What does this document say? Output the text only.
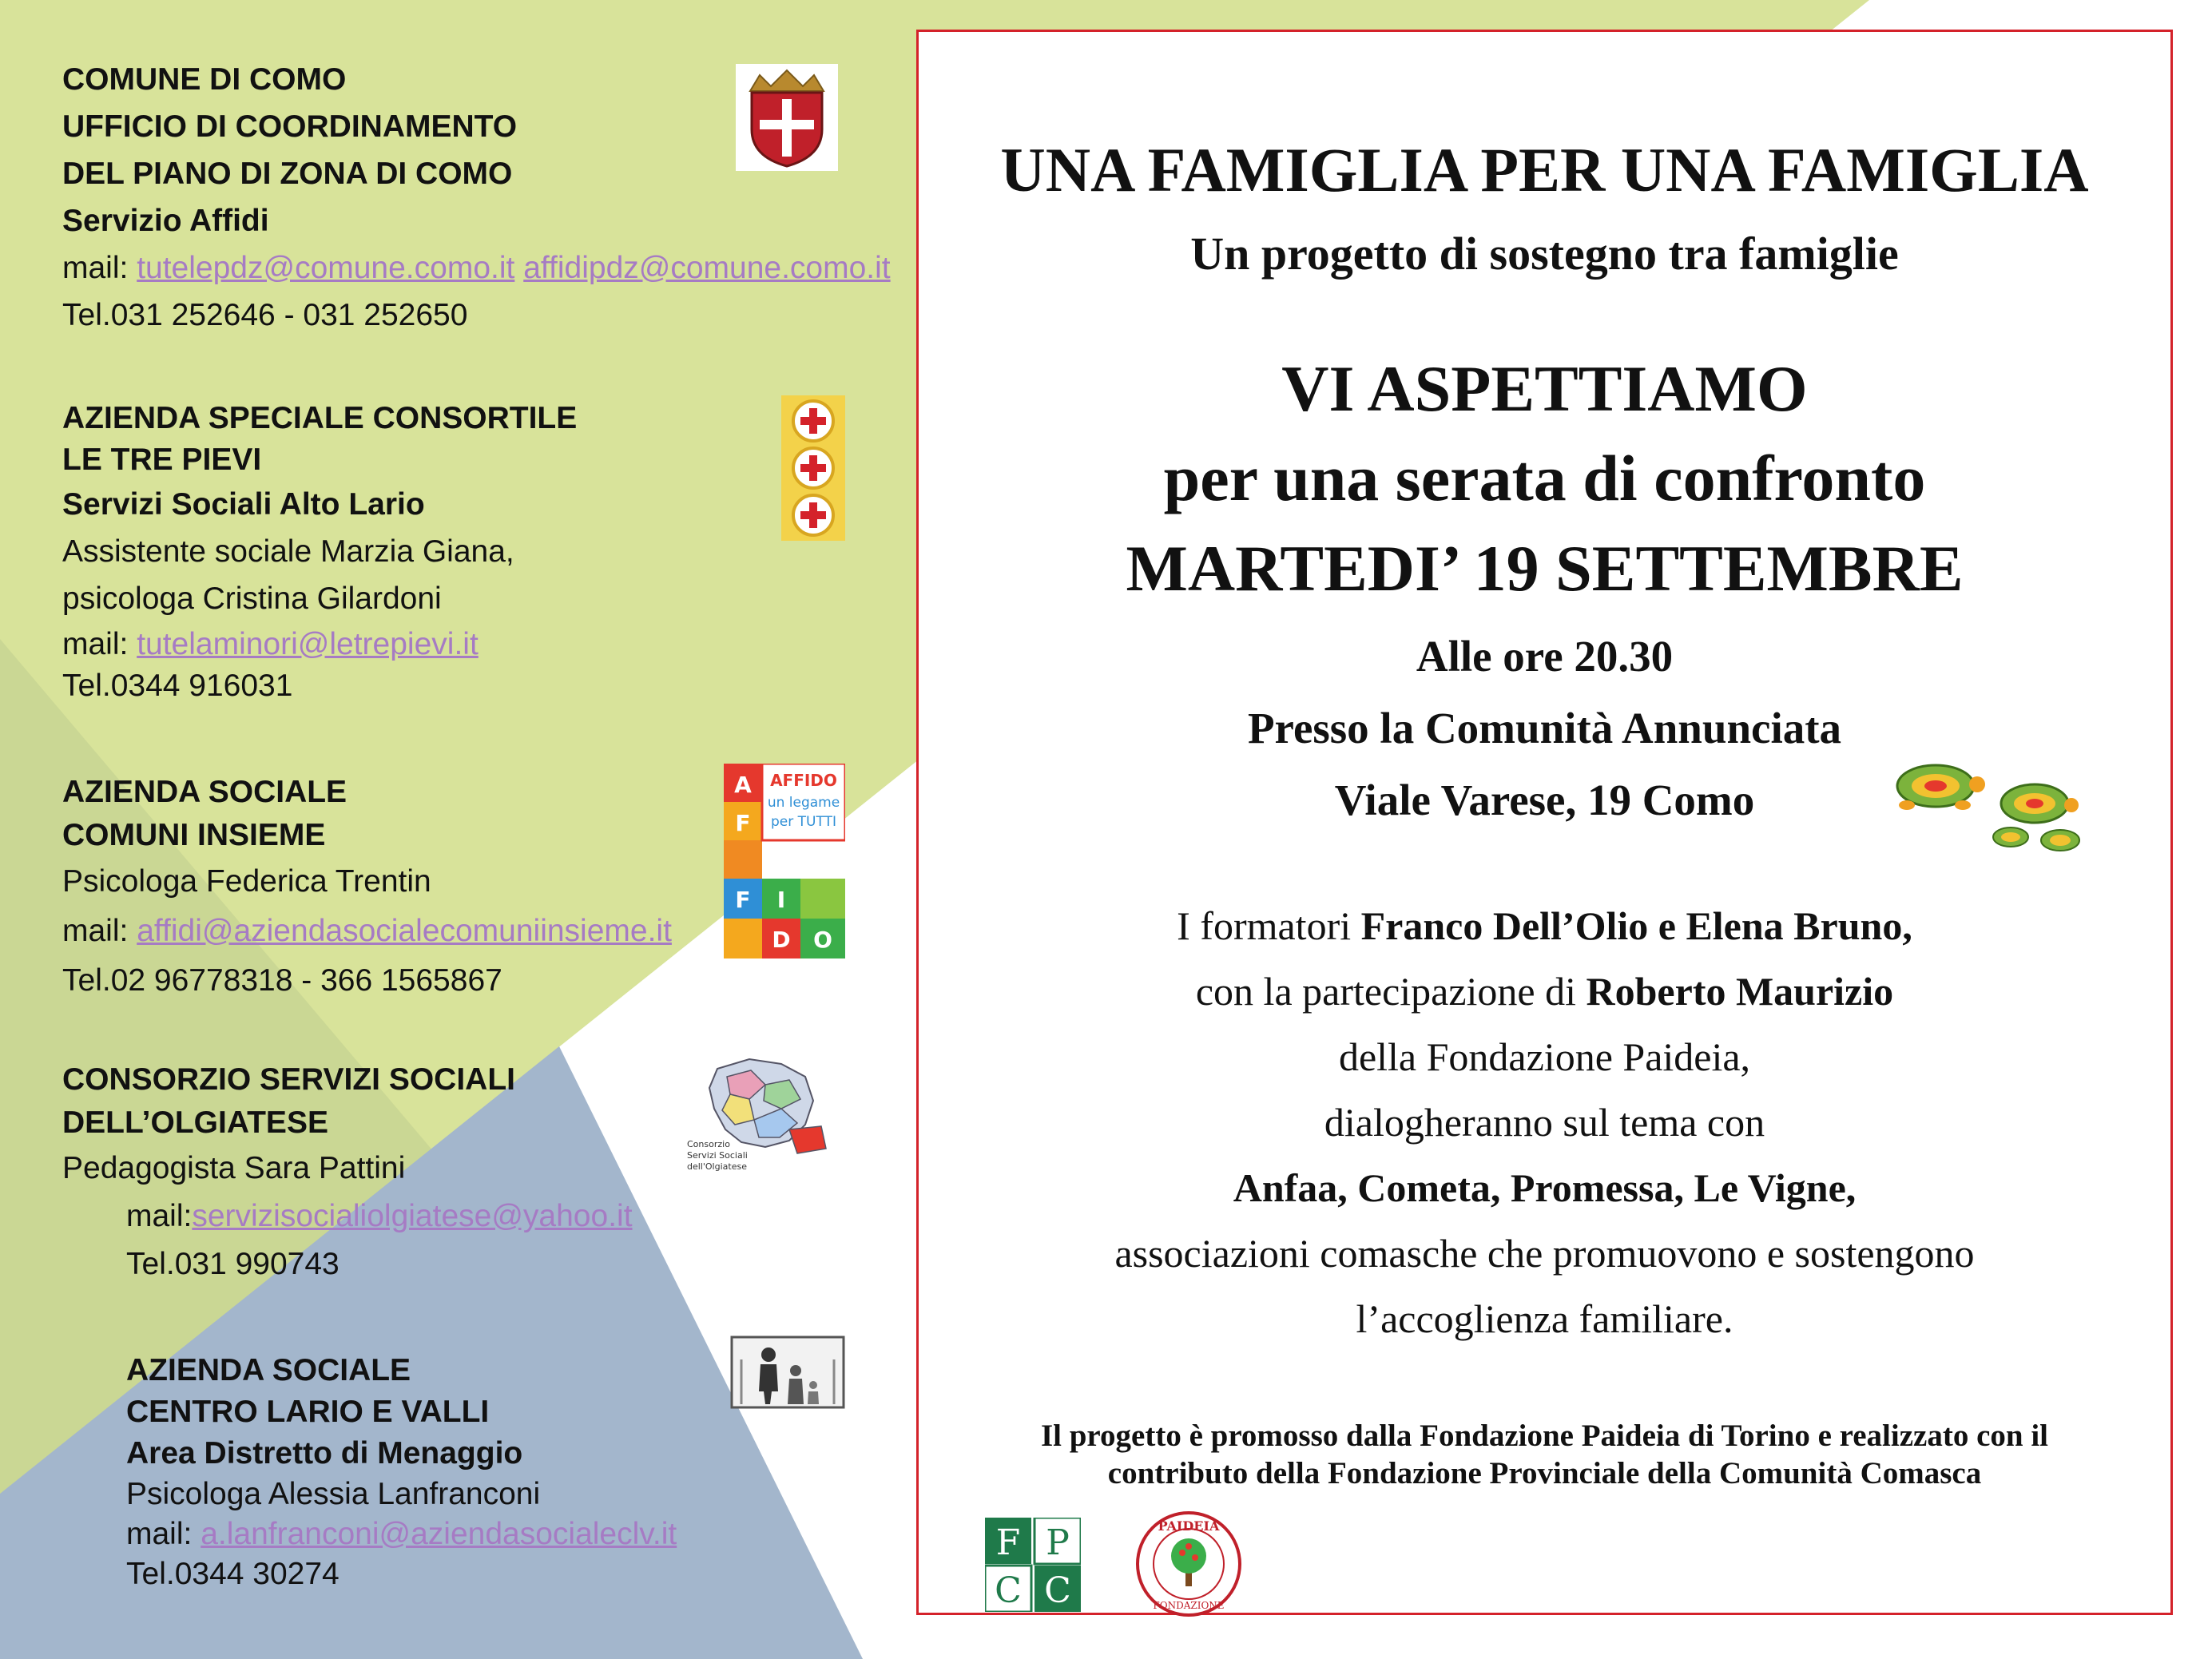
COMUNE DI COMO
UFFICIO DI COORDINAMENTO
DEL PIANO DI ZONA DI COMO
Servizio Affidi
mail: tutelepdz@comune.como.it affidipdz@comune.como.it
Tel.031 252646 - 031 252650
AZIENDA SPECIALE CONSORTILE
LE TRE PIEVI
Servizi Sociali Alto Lario
Assistente sociale Marzia Giana,
psicologa Cristina Gilardoni
mail: tutelaminori@letrepievi.it
Tel.0344 916031
AZIENDA SOCIALE
COMUNI INSIEME
Psicologa Federica Trentin
mail: affidi@aziendasocialecomuniinsieme.it
Tel.02 96778318 - 366 1565867
AFFIDO
un legame
per TUTTI
A
F
F I
D O
CONSORZIO SERVIZI SOCIALI
DELL’OLGIATESE
Pedagogista Sara Pattini
mail:servizisocialiolgiatese@yahoo.it
Tel.031 990743
Consorzio
Servizi Sociali
dell'Olgiatese
AZIENDA SOCIALE
CENTRO LARIO E VALLI
Area Distretto di Menaggio
Psicologa Alessia Lanfranconi
mail: a.lanfranconi@aziendasocialeclv.it
Tel.0344 30274
UNA FAMIGLIA PER UNA FAMIGLIA
Un progetto di sostegno tra famiglie
VI ASPETTIAMO
per una serata di confronto
MARTEDI’ 19 SETTEMBRE
Alle ore 20.30
Presso la Comunità Annunciata
Viale Varese, 19 Como
I formatori Franco Dell’Olio e Elena Bruno,
con la partecipazione di Roberto Maurizio
della Fondazione Paideia,
dialogheranno sul tema con
Anfaa, Cometa, Promessa, Le Vigne,
associazioni comasche che promuovono e sostengono
l’accoglienza familiare.
Il progetto è promosso dalla Fondazione Paideia di Torino e realizzato con il
contributo della Fondazione Provinciale della Comunità Comasca
F P
C C
PAIDEIA
FONDAZIONE
